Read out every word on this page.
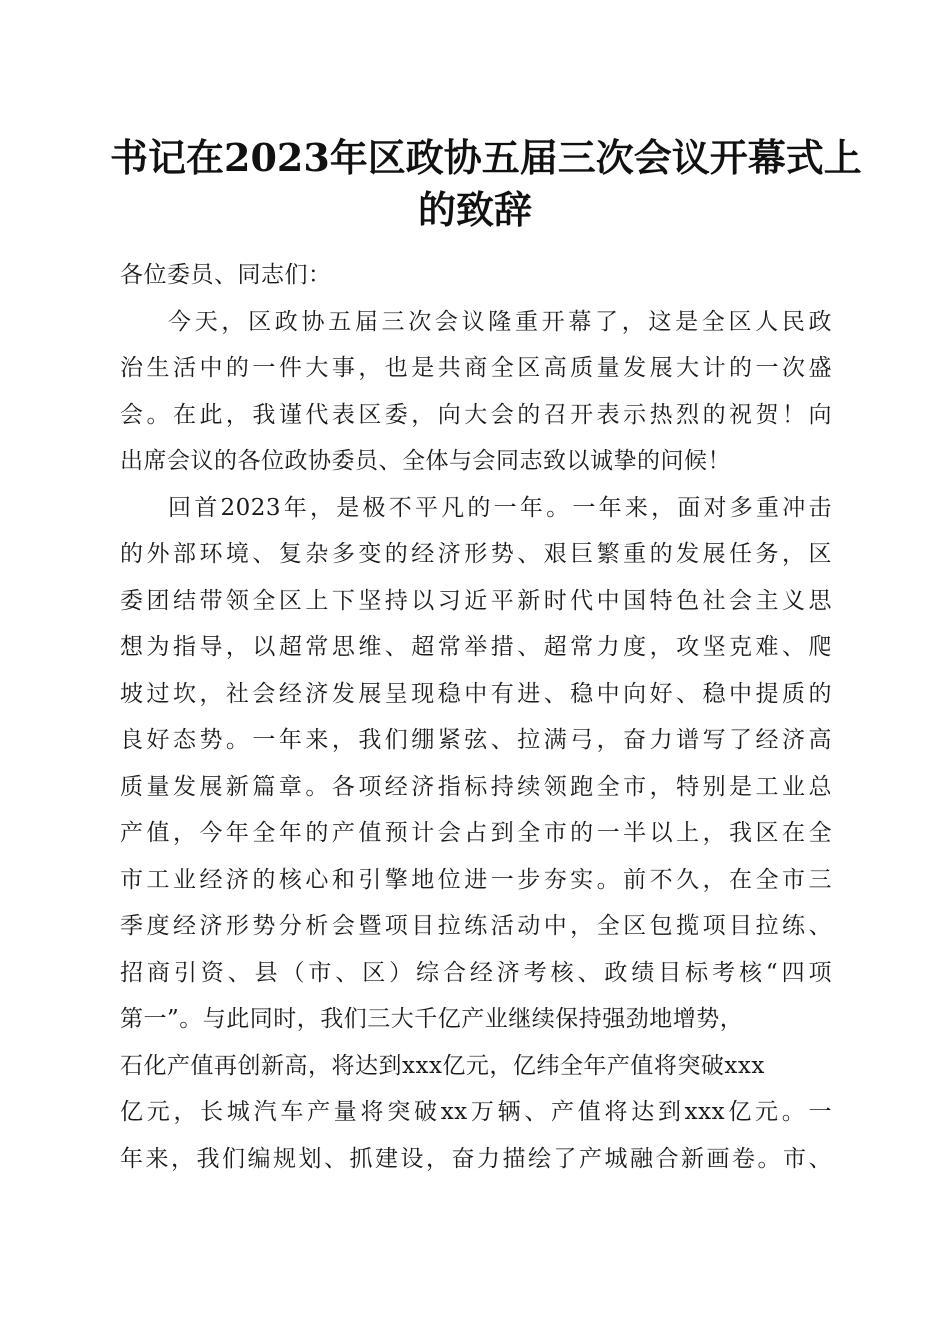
书记在2023年区政协五届三次会议开幕式上
的致辞
各位委员、同志们：
今天，区政协五届三次会议隆重开幕了，这是全区人民政
治生活中的一件大事，也是共商全区高质量发展大计的一次盛
会。在此，我谨代表区委，向大会的召开表示热烈的祝贺！向
出席会议的各位政协委员、全体与会同志致以诚挚的问候！
回首2023年，是极不平凡的一年。一年来，面对多重冲击
的外部环境、复杂多变的经济形势、艰巨繁重的发展任务，区
委团结带领全区上下坚持以习近平新时代中国特色社会主义思
想为指导，以超常思维、超常举措、超常力度，攻坚克难、爬
坡过坎，社会经济发展呈现稳中有进、稳中向好、稳中提质的
良好态势。一年来，我们绷紧弦、拉满弓，奋力谱写了经济高
质量发展新篇章。各项经济指标持续领跑全市，特别是工业总
产值，今年全年的产值预计会占到全市的一半以上，我区在全
市工业经济的核心和引擎地位进一步夯实。前不久，在全市三
季度经济形势分析会暨项目拉练活动中，全区包揽项目拉练、
招商引资、县（市、区）综合经济考核、政绩目标考核“四项
第一”。与此同时，我们三大千亿产业继续保持强劲地增势，
石化产值再创新高，将达到xxx亿元，亿纬全年产值将突破xxx
亿元，长城汽车产量将突破xx万辆、产值将达到xxx亿元。一
年来，我们编规划、抓建设，奋力描绘了产城融合新画卷。市、
